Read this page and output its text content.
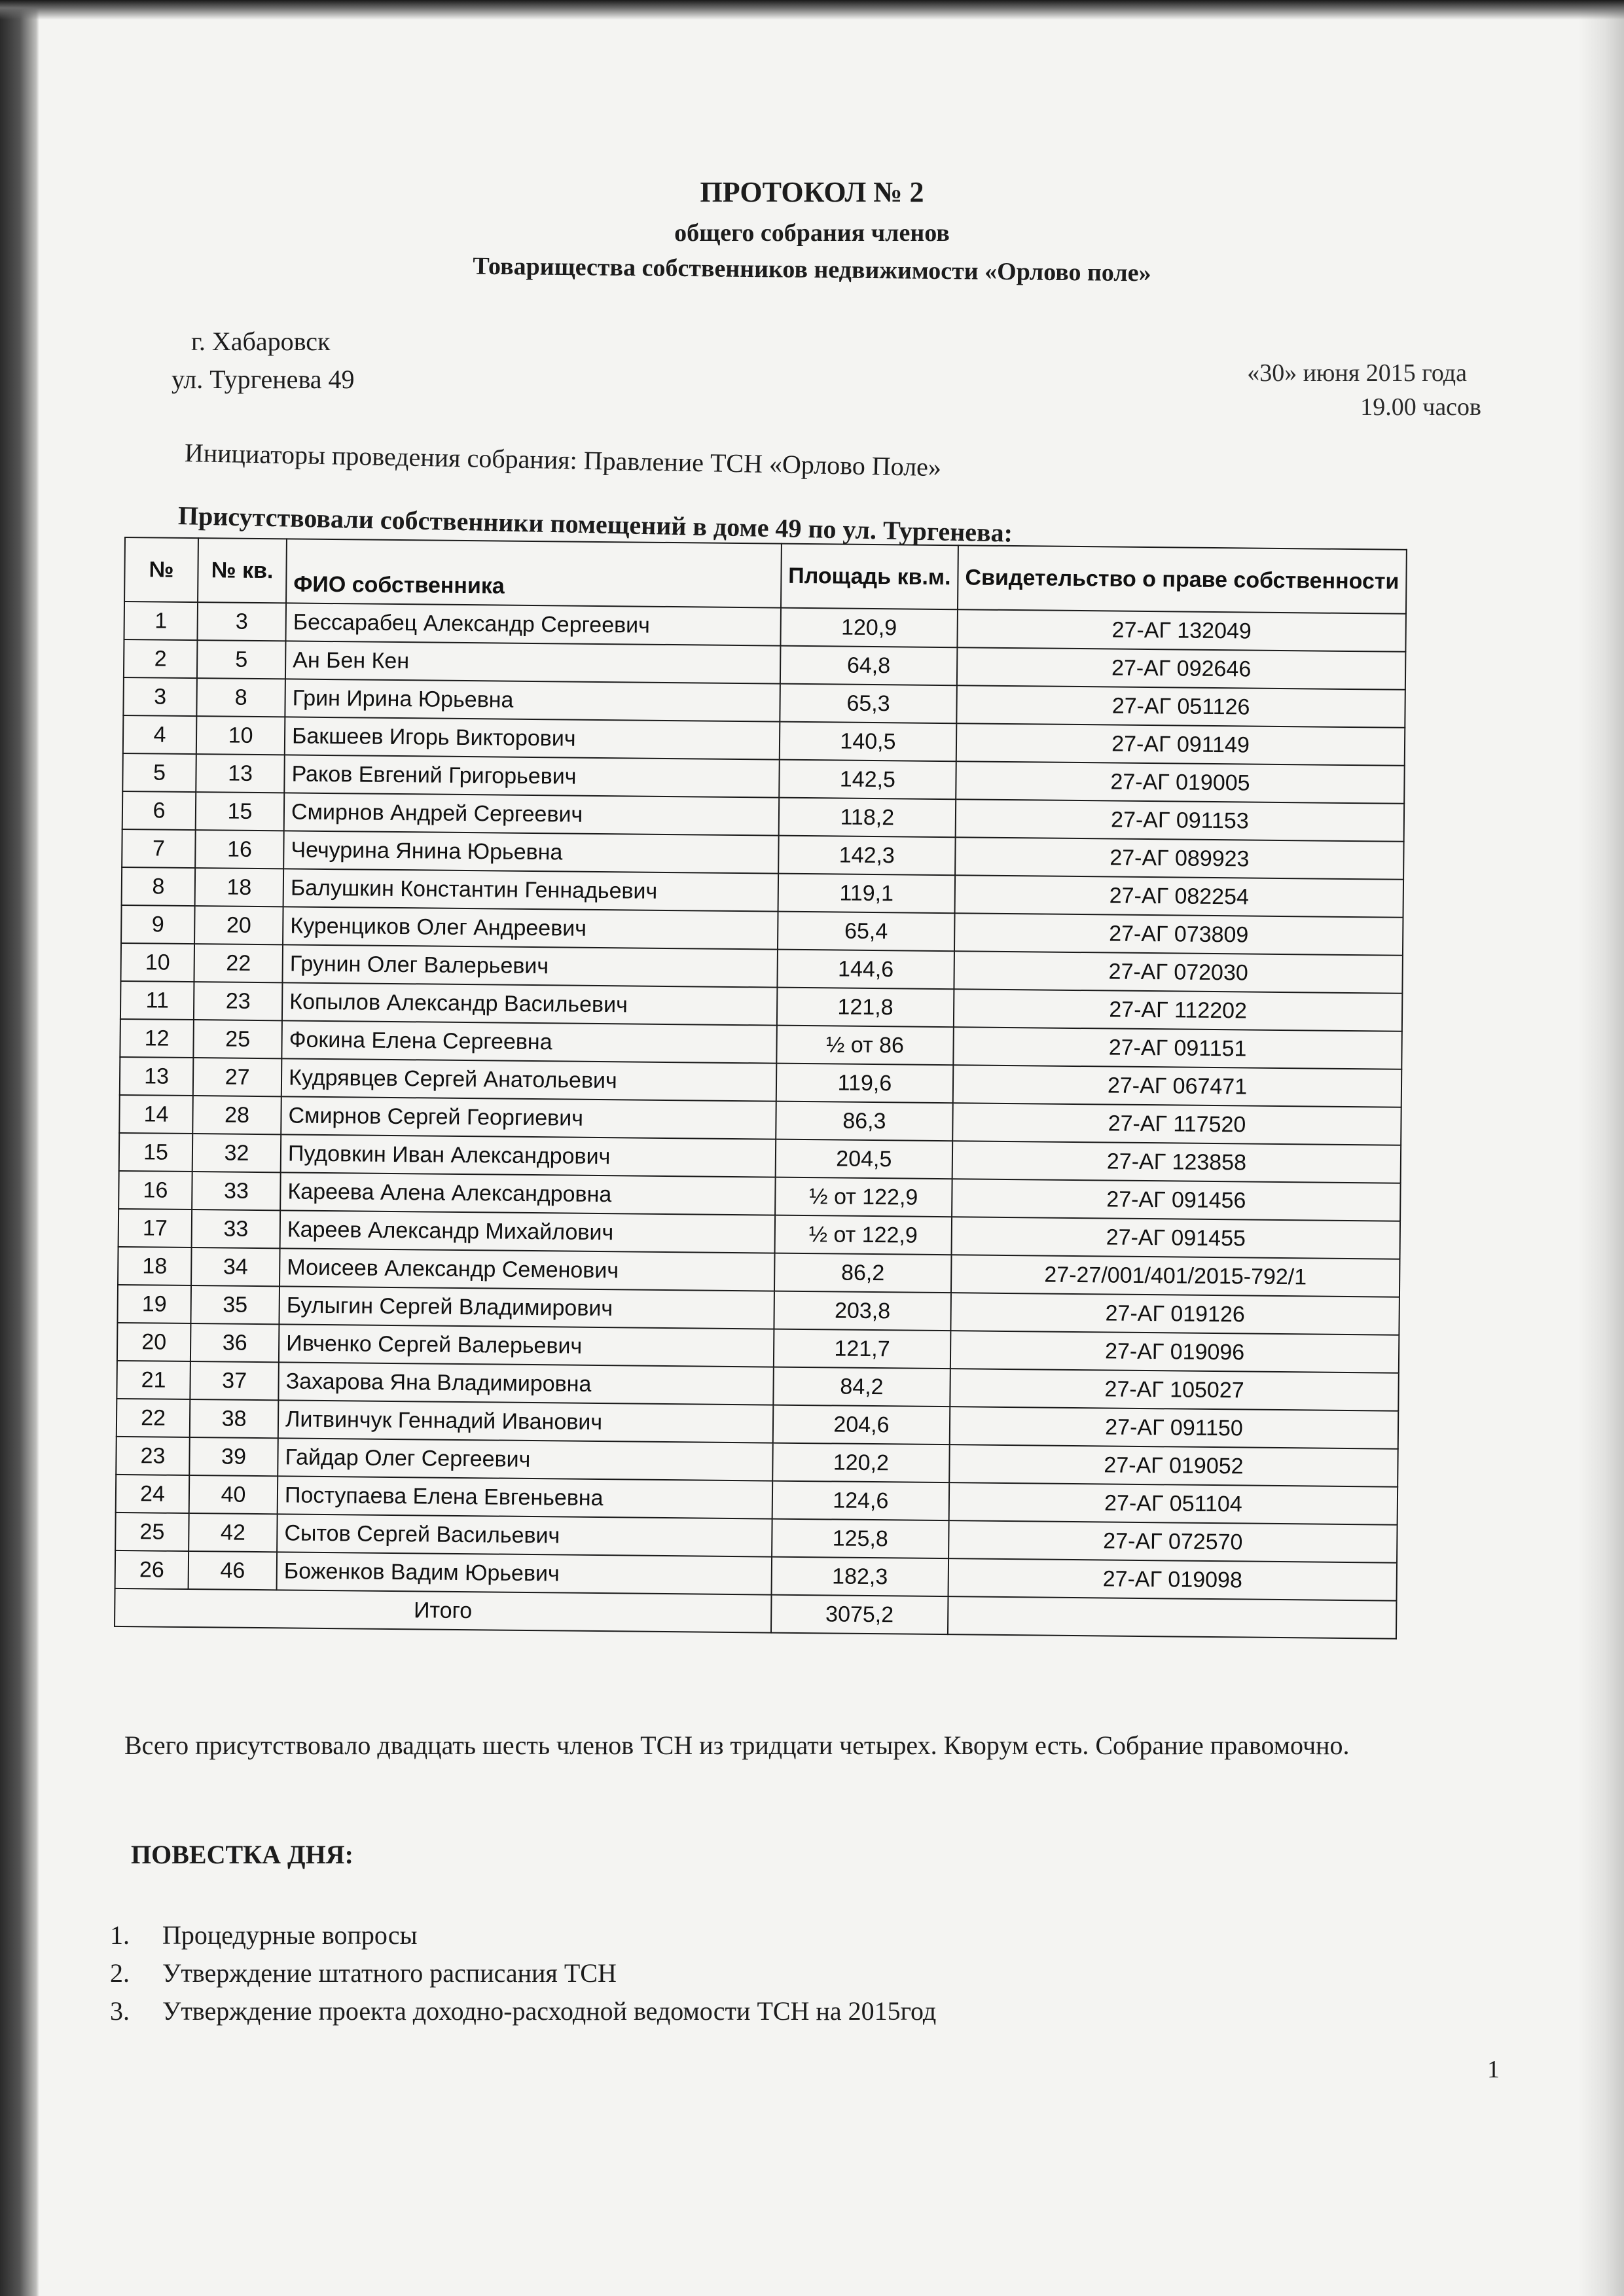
ПРОТОКОЛ № 2
общего собрания членов
Товарищества собственников недвижимости «Орлово поле»
г. Хабаровск
ул. Тургенева 49	«30» июня 2015 года
19.00 часов
Инициаторы проведения собрания: Правление ТСН «Орлово Поле»
Присутствовали собственники помещений в доме 49 по ул. Тургенева:
№	№ кв.	ФИО собственника	Площадь кв.м.	Свидетельство о праве собственности
1	3	Бессарабец Александр Сергеевич	120,9	27-АГ 132049
2	5	Ан Бен Кен	64,8	27-АГ 092646
3	8	Грин Ирина Юрьевна	65,3	27-АГ 051126
4	10	Бакшеев Игорь Викторович	140,5	27-АГ 091149
5	13	Раков Евгений Григорьевич	142,5	27-АГ 019005
6	15	Смирнов Андрей Сергеевич	118,2	27-АГ 091153
7	16	Чечурина Янина Юрьевна	142,3	27-АГ 089923
8	18	Балушкин Константин Геннадьевич	119,1	27-АГ 082254
9	20	Куренциков Олег Андреевич	65,4	27-АГ 073809
10	22	Грунин Олег Валерьевич	144,6	27-АГ 072030
11	23	Копылов Александр Васильевич	121,8	27-АГ 112202
12	25	Фокина Елена Сергеевна	½ от 86	27-АГ 091151
13	27	Кудрявцев Сергей Анатольевич	119,6	27-АГ 067471
14	28	Смирнов Сергей Георгиевич	86,3	27-АГ 117520
15	32	Пудовкин Иван Александрович	204,5	27-АГ 123858
16	33	Кареева Алена Александровна	½ от 122,9	27-АГ 091456
17	33	Кареев Александр Михайлович	½ от 122,9	27-АГ 091455
18	34	Моисеев Александр Семенович	86,2	27-27/001/401/2015-792/1
19	35	Булыгин Сергей Владимирович	203,8	27-АГ 019126
20	36	Ивченко Сергей Валерьевич	121,7	27-АГ 019096
21	37	Захарова Яна Владимировна	84,2	27-АГ 105027
22	38	Литвинчук Геннадий Иванович	204,6	27-АГ 091150
23	39	Гайдар Олег Сергеевич	120,2	27-АГ 019052
24	40	Поступаева Елена Евгеньевна	124,6	27-АГ 051104
25	42	Сытов Сергей Васильевич	125,8	27-АГ 072570
26	46	Боженков Вадим Юрьевич	182,3	27-АГ 019098
Итого			3075,2	
Всего присутствовало двадцать шесть членов ТСН из тридцати четырех. Кворум есть. Собрание правомочно.
ПОВЕСТКА ДНЯ:
1. Процедурные вопросы
2. Утверждение штатного расписания ТСН
3. Утверждение проекта доходно-расходной ведомости ТСН на 2015год
1
